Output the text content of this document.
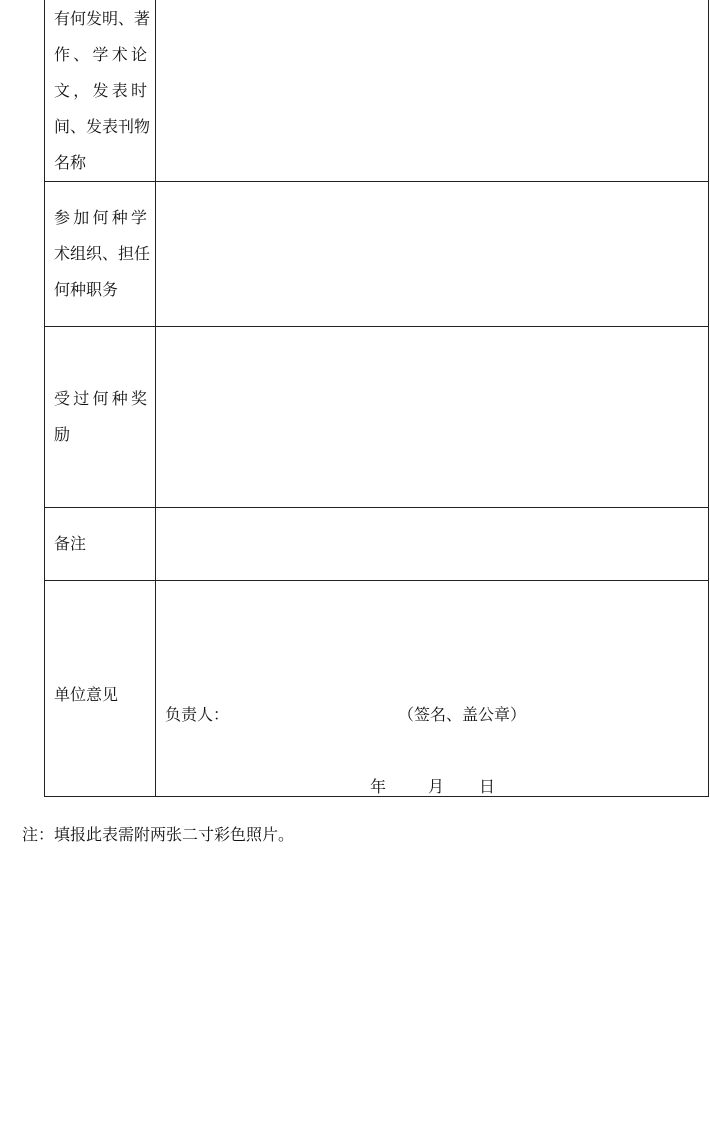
有何发明、著
作、学术论
文，发表时
间、发表刊物
名称
参加何种学
术组织、担任
何种职务
受过何种奖
励
备注
单位意见
负责人：	（签名、盖公章）
年	月 日
注：填报此表需附两张二寸彩色照片。
